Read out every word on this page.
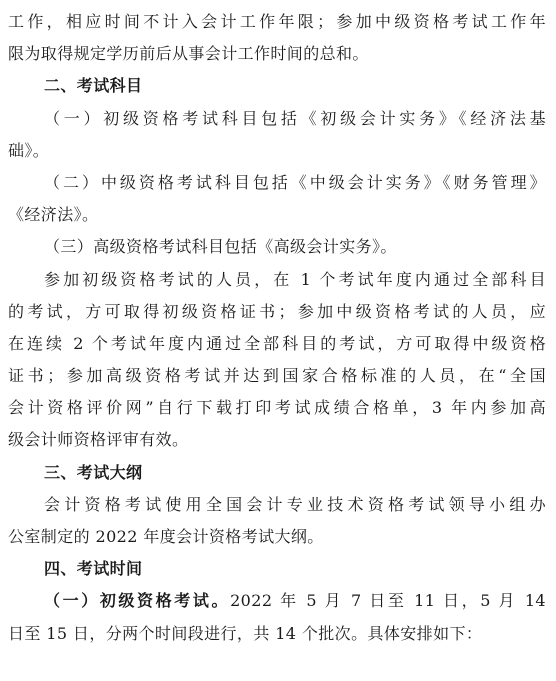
工作，相应时间不计入会计工作年限；参加中级资格考试工作年
限为取得规定学历前后从事会计工作时间的总和。
二、考试科目
（一）初级资格考试科目包括《初级会计实务》《经济法基
础》。
（二）中级资格考试科目包括《中级会计实务》《财务管理》
《经济法》。
（三）高级资格考试科目包括《高级会计实务》。
参加初级资格考试的人员，在 1 个考试年度内通过全部科目
的考试，方可取得初级资格证书；参加中级资格考试的人员，应
在连续 2 个考试年度内通过全部科目的考试，方可取得中级资格
证书；参加高级资格考试并达到国家合格标准的人员，在“全国
会计资格评价网”自行下载打印考试成绩合格单，3 年内参加高
级会计师资格评审有效。
三、考试大纲
会计资格考试使用全国会计专业技术资格考试领导小组办
公室制定的 2022 年度会计资格考试大纲。
四、考试时间
（一）初级资格考试。2022 年 5 月 7 日至 11 日，5 月 14
日至 15 日，分两个时间段进行，共 14 个批次。具体安排如下：
